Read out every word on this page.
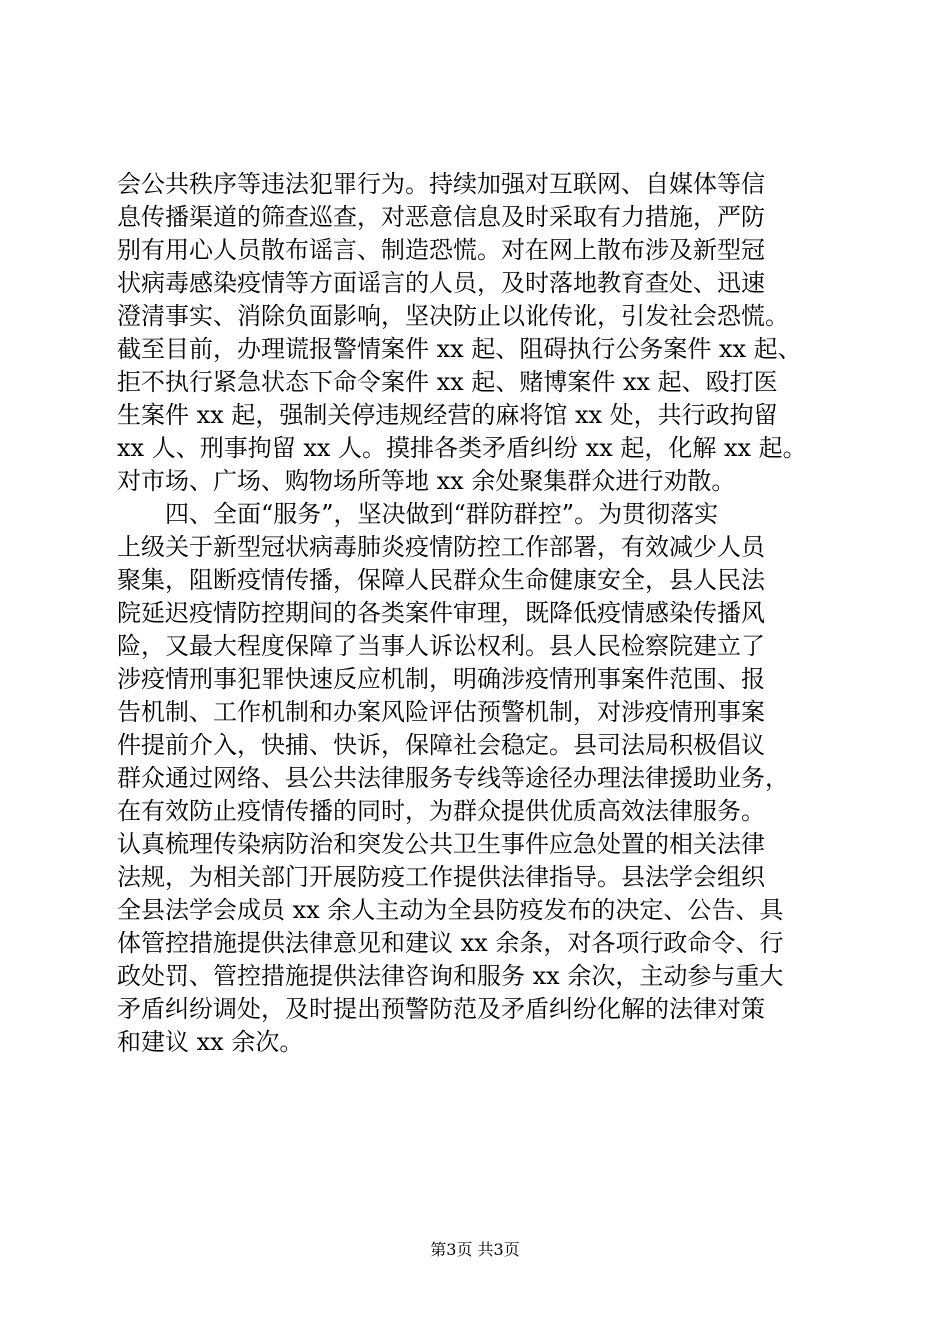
会公共秩序等违法犯罪行为。持续加强对互联网、自媒体等信
息传播渠道的筛查巡查，对恶意信息及时采取有力措施，严防
别有用心人员散布谣言、制造恐慌。对在网上散布涉及新型冠
状病毒感染疫情等方面谣言的人员，及时落地教育查处、迅速
澄清事实、消除负面影响，坚决防止以讹传讹，引发社会恐慌。
截至目前，办理谎报警情案件 xx 起、阻碍执行公务案件 xx 起、
拒不执行紧急状态下命令案件 xx 起、赌博案件 xx 起、殴打医
生案件 xx 起，强制关停违规经营的麻将馆 xx 处，共行政拘留
xx 人、刑事拘留 xx 人。摸排各类矛盾纠纷 xx 起，化解 xx 起。
对市场、广场、购物场所等地 xx 余处聚集群众进行劝散。
四、全面“服务”，坚决做到“群防群控”。为贯彻落实
上级关于新型冠状病毒肺炎疫情防控工作部署，有效减少人员
聚集，阻断疫情传播，保障人民群众生命健康安全，县人民法
院延迟疫情防控期间的各类案件审理，既降低疫情感染传播风
险，又最大程度保障了当事人诉讼权利。县人民检察院建立了
涉疫情刑事犯罪快速反应机制，明确涉疫情刑事案件范围、报
告机制、工作机制和办案风险评估预警机制，对涉疫情刑事案
件提前介入，快捕、快诉，保障社会稳定。县司法局积极倡议
群众通过网络、县公共法律服务专线等途径办理法律援助业务，
在有效防止疫情传播的同时，为群众提供优质高效法律服务。
认真梳理传染病防治和突发公共卫生事件应急处置的相关法律
法规，为相关部门开展防疫工作提供法律指导。县法学会组织
全县法学会成员 xx 余人主动为全县防疫发布的决定、公告、具
体管控措施提供法律意见和建议 xx 余条，对各项行政命令、行
政处罚、管控措施提供法律咨询和服务 xx 余次，主动参与重大
矛盾纠纷调处，及时提出预警防范及矛盾纠纷化解的法律对策
和建议 xx 余次。
第3页 共3页
